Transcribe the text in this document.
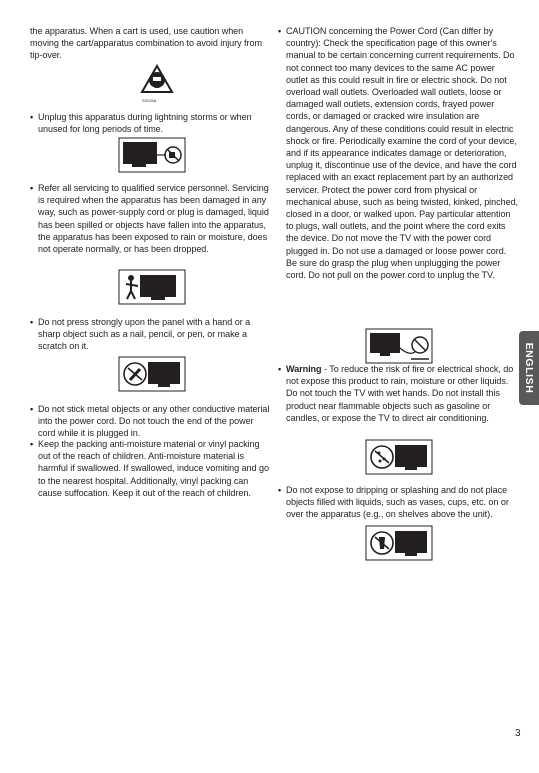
the apparatus. When a cart is used, use caution when moving the cart/apparatus combination to avoid injury from tip-over.

S3126A

• Unplug this apparatus during lightning storms or when unused for long periods of time.

• Refer all servicing to qualified service personnel. Servicing is required when the apparatus has been damaged in any way, such as power-supply cord or plug is damaged, liquid has been spilled or objects have fallen into the apparatus, the apparatus has been exposed to rain or moisture, does not operate normally, or has been dropped.

• Do not press strongly upon the panel with a hand or a sharp object such as a nail, pencil, or pen, or make a scratch on it.

• Do not stick metal objects or any other conductive material into the power cord. Do not touch the end of the power cord while it is plugged in.

• Keep the packing anti-moisture material or vinyl packing out of the reach of children. Anti-moisture material is harmful if swallowed. If swallowed, induce vomiting and go to the nearest hospital. Additionally, vinyl packing can cause suffocation. Keep it out of the reach of children.

• CAUTION concerning the Power Cord (Can differ by country): Check the specification page of this owner's manual to be certain concerning current requirements. Do not connect too many devices to the same AC power outlet as this could result in fire or electric shock. Do not overload wall outlets. Overloaded wall outlets, loose or damaged wall outlets, extension cords, frayed power cords, or damaged or cracked wire insulation are dangerous. Any of these conditions could result in electric shock or fire. Periodically examine the cord of your device, and if its appearance indicates damage or deterioration, unplug it, discontinue use of the device, and have the cord replaced with an exact replacement part by an authorized servicer. Protect the power cord from physical or mechanical abuse, such as being twisted, kinked, pinched, closed in a door, or walked upon. Pay particular attention to plugs, wall outlets, and the point where the cord exits the device. Do not move the TV with the power cord plugged in. Do not use a damaged or loose power cord. Be sure do grasp the plug when unplugging the power cord. Do not pull on the power cord to unplug the TV.

• Warning - To reduce the risk of fire or electrical shock, do not expose this product to rain, moisture or other liquids. Do not touch the TV with wet hands. Do not install this product near flammable objects such as gasoline or candles, or expose the TV to direct air conditioning.

• Do not expose to dripping or splashing and do not place objects filled with liquids, such as vases, cups, etc. on or over the apparatus (e.g., on shelves above the unit).

ENGLISH
3
